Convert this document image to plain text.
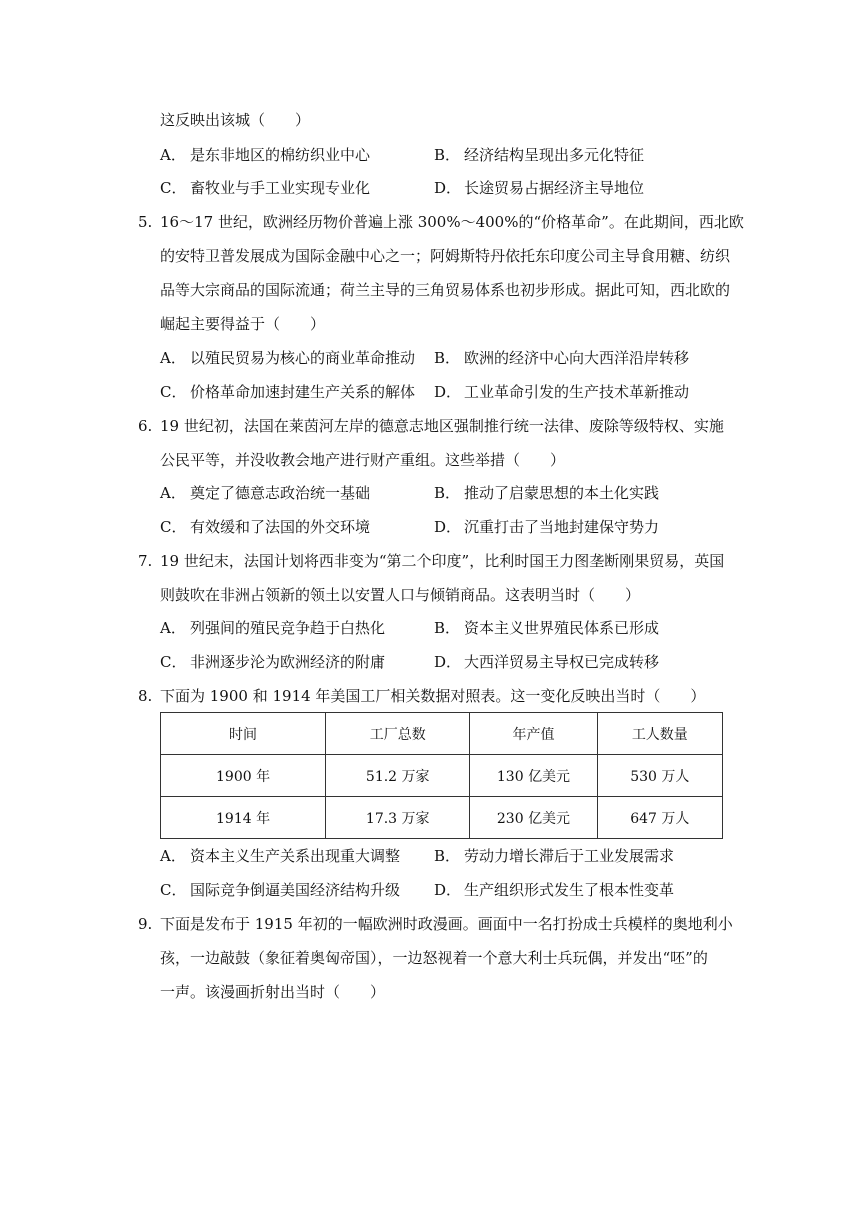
这反映出该城（　　）
A． 是东非地区的棉纺织业中心	B． 经济结构呈现出多元化特征
C． 畜牧业与手工业实现专业化	D． 长途贸易占据经济主导地位
5. 16～17 世纪，欧洲经历物价普遍上涨 300%～400%的“价格革命”。在此期间，西北欧
的安特卫普发展成为国际金融中心之一；阿姆斯特丹依托东印度公司主导食用糖、纺织
品等大宗商品的国际流通；荷兰主导的三角贸易体系也初步形成。据此可知，西北欧的
崛起主要得益于（　　）
A． 以殖民贸易为核心的商业革命推动 B． 欧洲的经济中心向大西洋沿岸转移
C． 价格革命加速封建生产关系的解体 D． 工业革命引发的生产技术革新推动
6. 19 世纪初，法国在莱茵河左岸的德意志地区强制推行统一法律、废除等级特权、实施
公民平等，并没收教会地产进行财产重组。这些举措（　　）
A． 奠定了德意志政治统一基础	B． 推动了启蒙思想的本土化实践
C． 有效缓和了法国的外交环境	D． 沉重打击了当地封建保守势力
7. 19 世纪末，法国计划将西非变为“第二个印度”，比利时国王力图垄断刚果贸易，英国
则鼓吹在非洲占领新的领土以安置人口与倾销商品。这表明当时（　　）
A． 列强间的殖民竞争趋于白热化	B． 资本主义世界殖民体系已形成
C． 非洲逐步沦为欧洲经济的附庸	D． 大西洋贸易主导权已完成转移
8. 下面为 1900 和 1914 年美国工厂相关数据对照表。这一变化反映出当时（　　）
时间	工厂总数	年产值	工人数量
1900 年	51.2 万家	130 亿美元	530 万人
1914 年	17.3 万家	230 亿美元	647 万人
A． 资本主义生产关系出现重大调整 B． 劳动力增长滞后于工业发展需求
C． 国际竞争倒逼美国经济结构升级 D． 生产组织形式发生了根本性变革
9. 下面是发布于 1915 年初的一幅欧洲时政漫画。画面中一名打扮成士兵模样的奥地利小
孩，一边敲鼓（象征着奥匈帝国），一边怒视着一个意大利士兵玩偶，并发出“呸”的
一声。该漫画折射出当时（　　）
